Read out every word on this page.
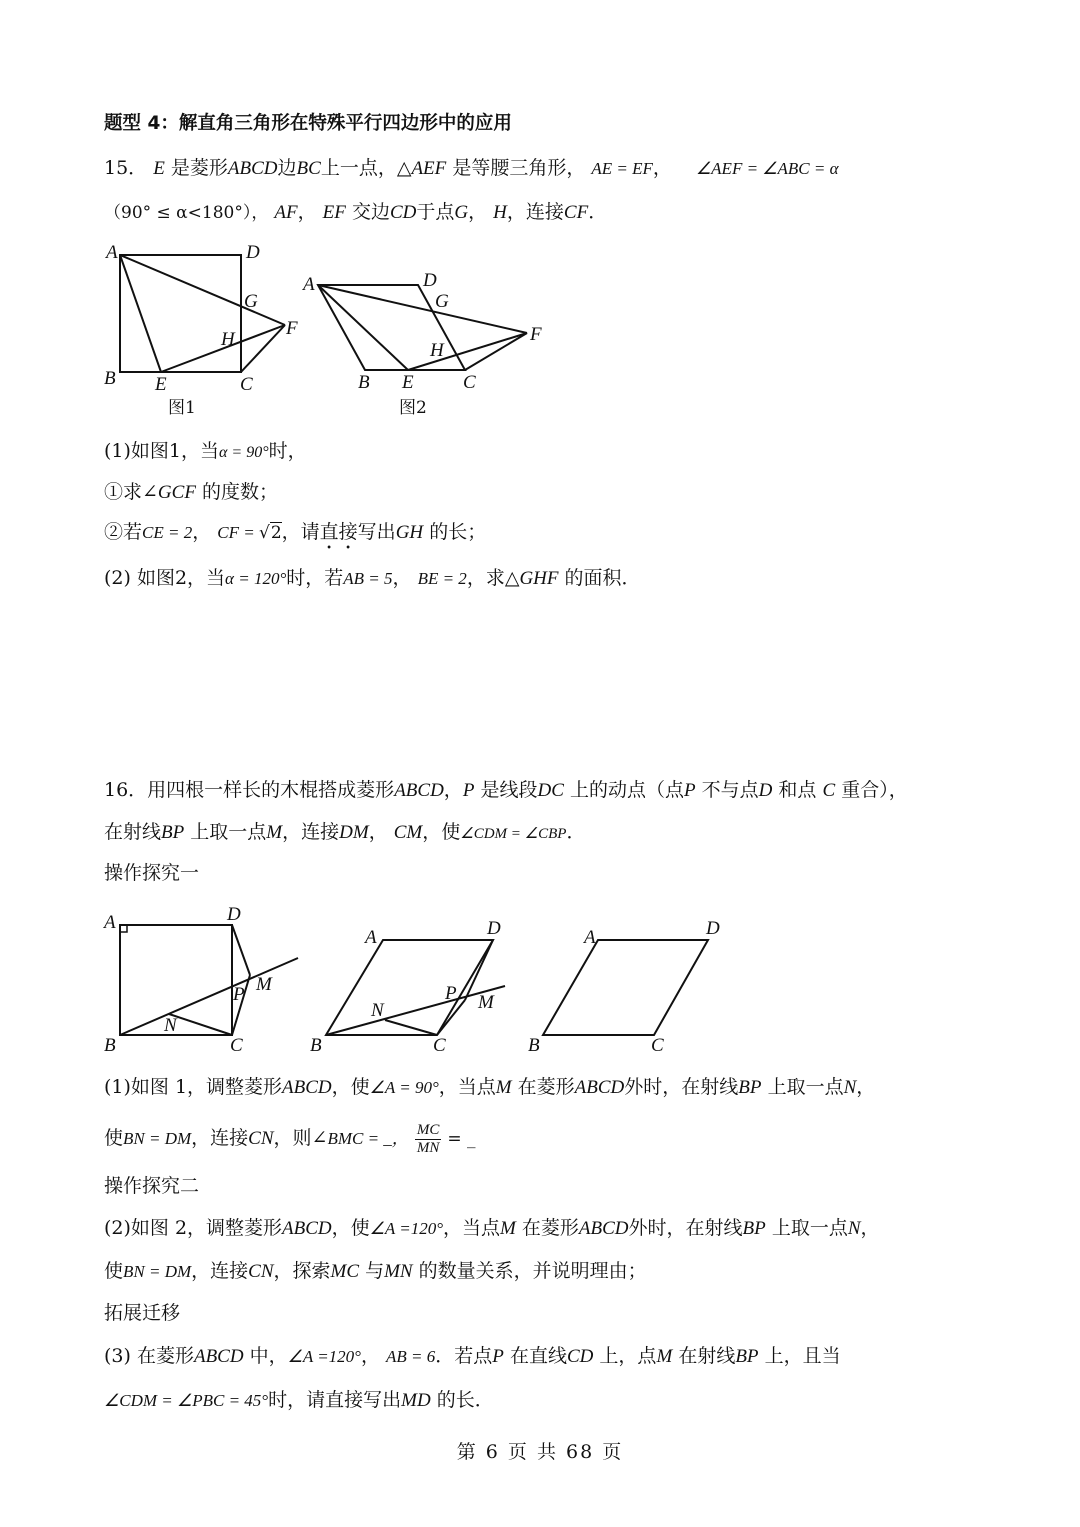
题型 4：解直角三角形在特殊平行四边形中的应用
15． E 是菱形ABCD边BC上一点，△AEF 是等腰三角形， AE = EF， ∠AEF = ∠ABC = α
（90° ≤ α<180°）， AF， EF 交边CD于点G， H，连接CF．
A	D
G
H
F
B E	C
图1
A	D
G
H
F
B E	C
图2
(1)如图1，当α = 90°时，
①求∠GCF 的度数；
②若CE = 2， CF = √2，请直接写出GH 的长；
(2) 如图2，当α = 120°时，若AB = 5， BE = 2，求△GHF 的面积．
16．用四根一样长的木棍搭成菱形ABCD，P 是线段DC 上的动点（点P 不与点D 和点 C 重合），
在射线BP 上取一点M，连接DM， CM，使∠CDM = ∠CBP．
操作探究一
A	D
P M
N
B	C
A	D
P M
N
B	C
A	D
B	C
(1)如图 1，调整菱形ABCD，使∠A = 90°，当点M 在菱形ABCD外时，在射线BP 上取一点N，
使BN = DM，连接CN，则∠BMC = _， $\frac{MC}{MN}$ = _
操作探究二
(2)如图 2，调整菱形ABCD，使∠A =120°，当点M 在菱形ABCD外时，在射线BP 上取一点N，
使BN = DM，连接CN，探索MC 与MN 的数量关系，并说明理由；
拓展迁移
(3) 在菱形ABCD 中，∠A =120°， AB = 6．若点P 在直线CD 上，点M 在射线BP 上，且当
∠CDM = ∠PBC = 45°时，请直接写出MD 的长．
第 6 页 共 68 页
